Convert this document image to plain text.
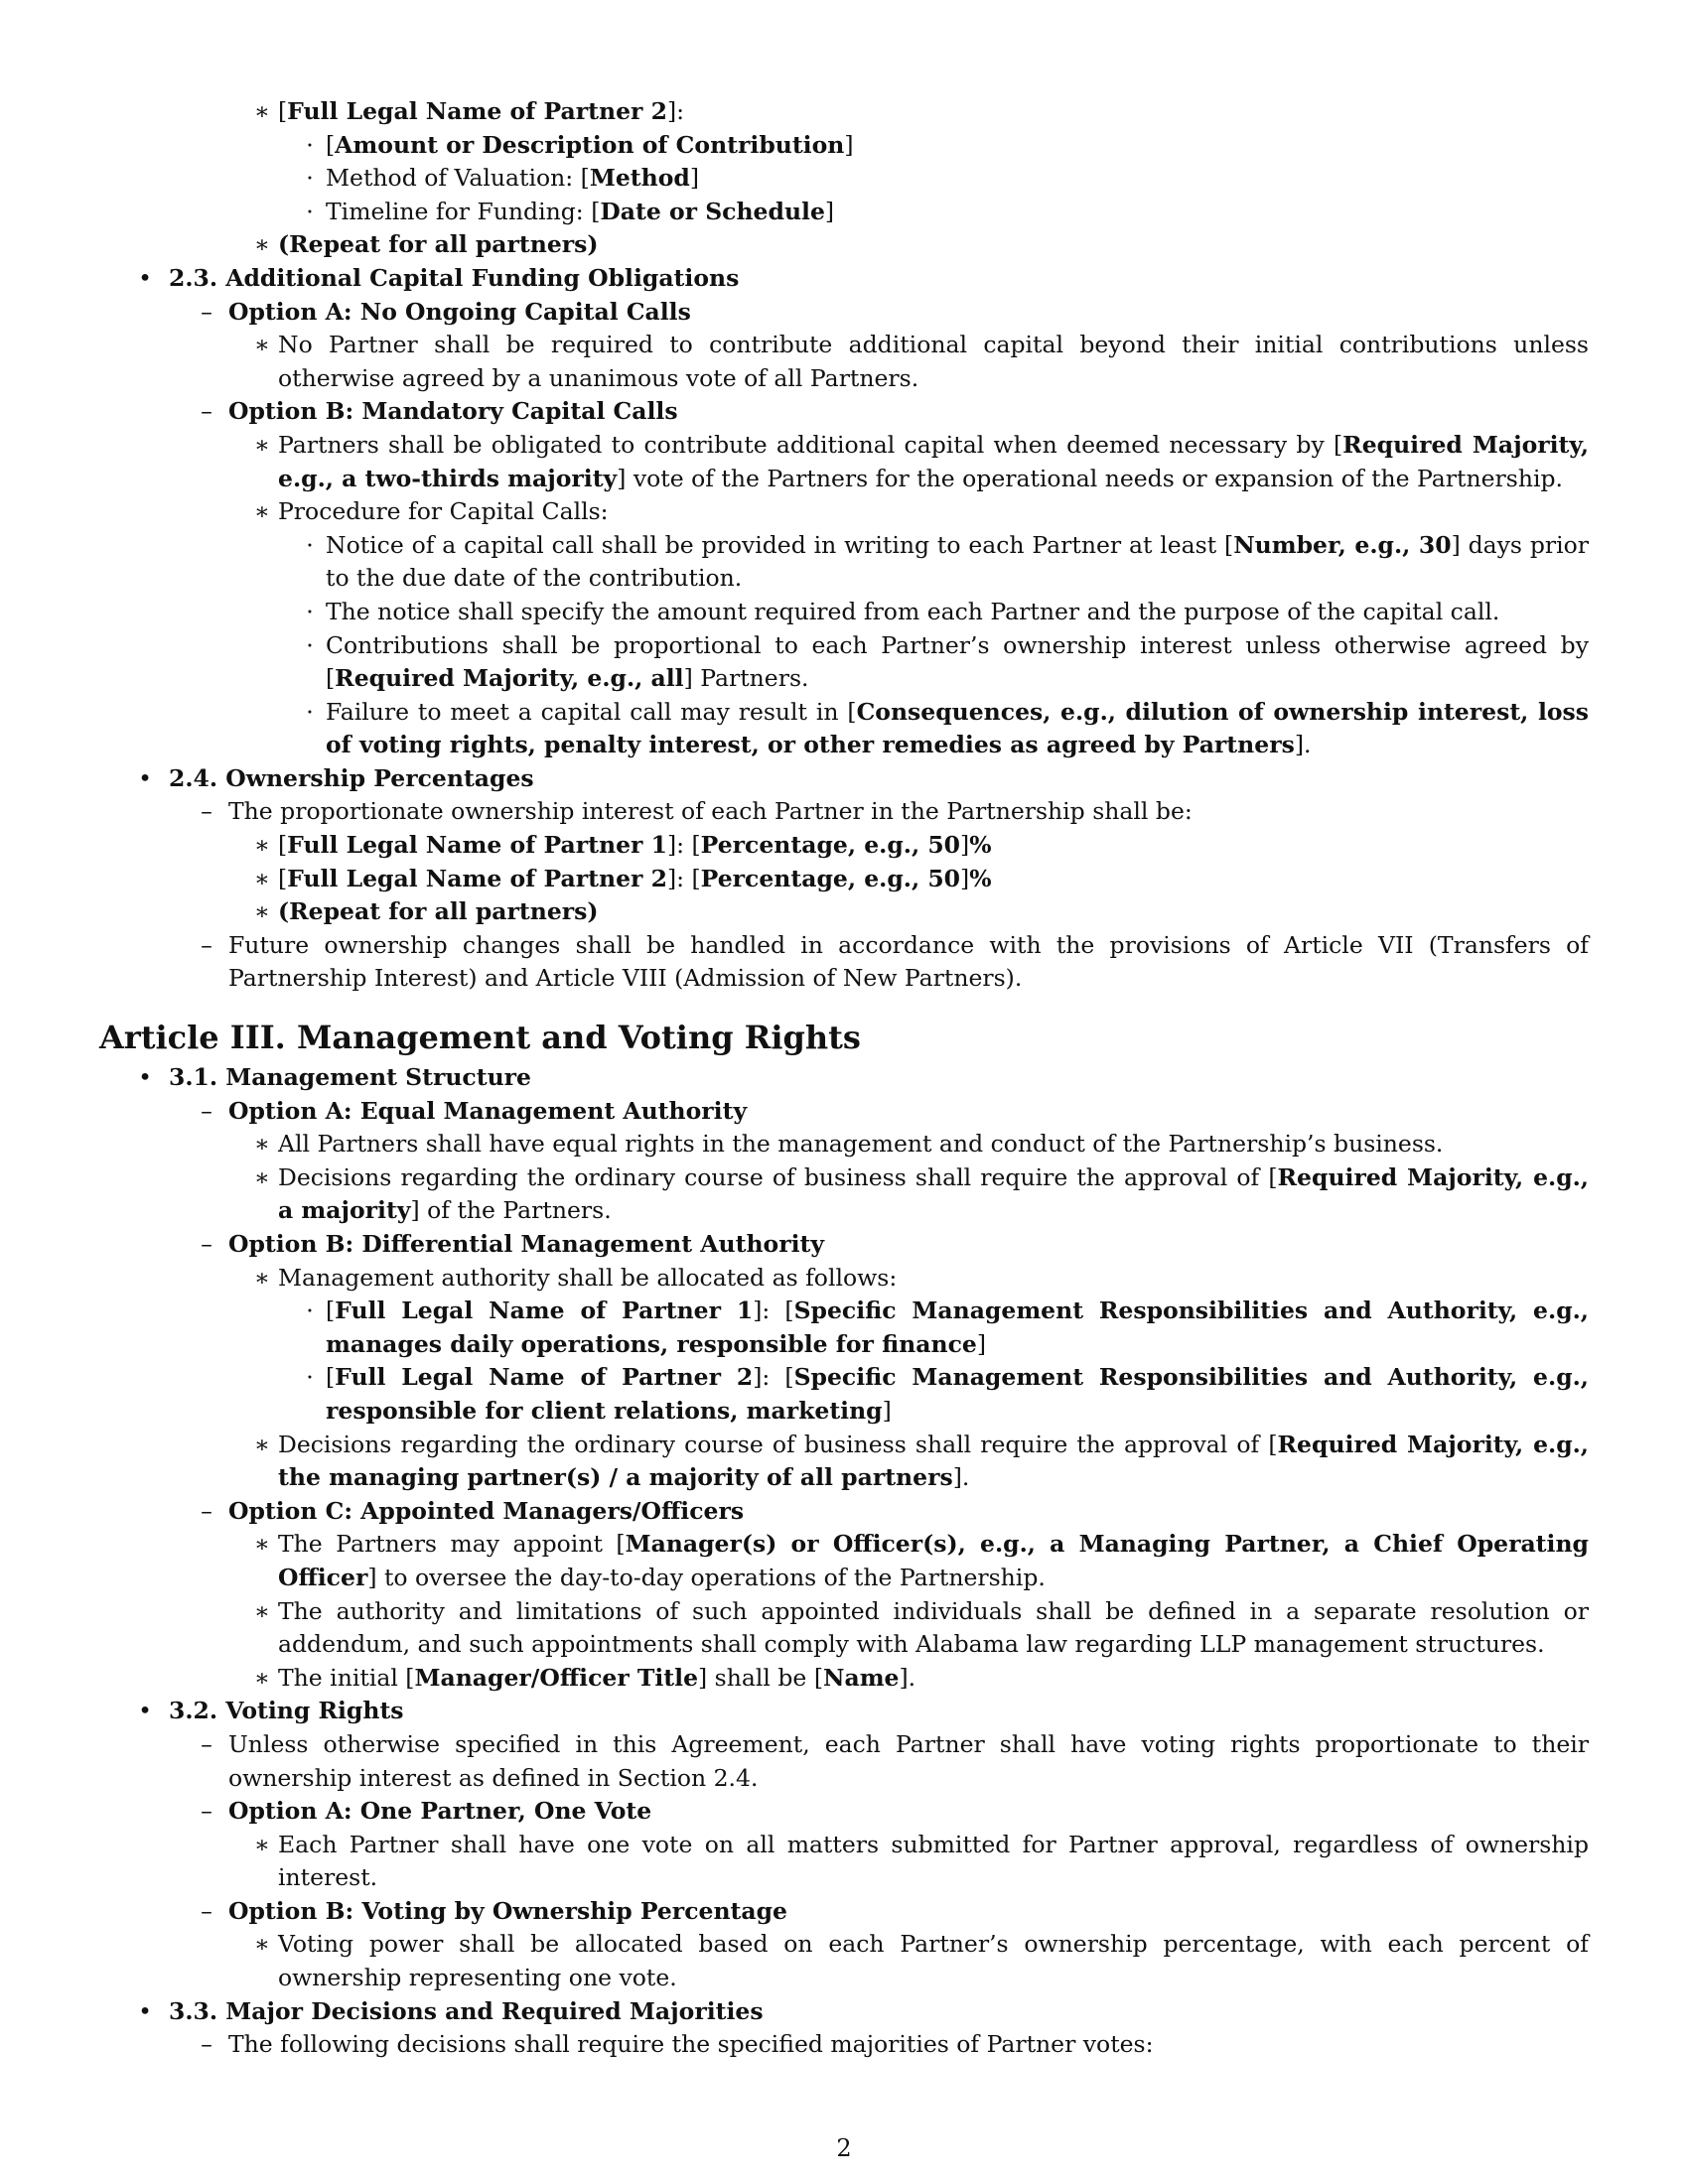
∗ [Full Legal Name of Partner 2]:
· [Amount or Description of Contribution]
· Method of Valuation: [Method]
· Timeline for Funding: [Date or Schedule]
∗ (Repeat for all partners)
• 2.3. Additional Capital Funding Obligations
– Option A: No Ongoing Capital Calls
∗ No Partner shall be required to contribute additional capital beyond their initial contributions unless otherwise agreed by a unanimous vote of all Partners.
– Option B: Mandatory Capital Calls
∗ Partners shall be obligated to contribute additional capital when deemed necessary by [Required Majority, e.g., a two-thirds majority] vote of the Partners for the operational needs or expansion of the Partnership.
∗ Procedure for Capital Calls:
· Notice of a capital call shall be provided in writing to each Partner at least [Number, e.g., 30] days prior to the due date of the contribution.
· The notice shall specify the amount required from each Partner and the purpose of the capital call.
· Contributions shall be proportional to each Partner’s ownership interest unless otherwise agreed by [Required Majority, e.g., all] Partners.
· Failure to meet a capital call may result in [Consequences, e.g., dilution of ownership interest, loss of voting rights, penalty interest, or other remedies as agreed by Partners].
• 2.4. Ownership Percentages
– The proportionate ownership interest of each Partner in the Partnership shall be:
∗ [Full Legal Name of Partner 1]: [Percentage, e.g., 50]%
∗ [Full Legal Name of Partner 2]: [Percentage, e.g., 50]%
∗ (Repeat for all partners)
– Future ownership changes shall be handled in accordance with the provisions of Article VII (Transfers of Partnership Interest) and Article VIII (Admission of New Partners).
Article III. Management and Voting Rights
• 3.1. Management Structure
– Option A: Equal Management Authority
∗ All Partners shall have equal rights in the management and conduct of the Partnership’s business.
∗ Decisions regarding the ordinary course of business shall require the approval of [Required Majority, e.g., a majority] of the Partners.
– Option B: Differential Management Authority
∗ Management authority shall be allocated as follows:
· [Full Legal Name of Partner 1]: [Specific Management Responsibilities and Authority, e.g., manages daily operations, responsible for finance]
· [Full Legal Name of Partner 2]: [Specific Management Responsibilities and Authority, e.g., responsible for client relations, marketing]
∗ Decisions regarding the ordinary course of business shall require the approval of [Required Majority, e.g., the managing partner(s) / a majority of all partners].
– Option C: Appointed Managers/Officers
∗ The Partners may appoint [Manager(s) or Officer(s), e.g., a Managing Partner, a Chief Operating Officer] to oversee the day-to-day operations of the Partnership.
∗ The authority and limitations of such appointed individuals shall be defined in a separate resolution or addendum, and such appointments shall comply with Alabama law regarding LLP management structures.
∗ The initial [Manager/Officer Title] shall be [Name].
• 3.2. Voting Rights
– Unless otherwise specified in this Agreement, each Partner shall have voting rights proportionate to their ownership interest as defined in Section 2.4.
– Option A: One Partner, One Vote
∗ Each Partner shall have one vote on all matters submitted for Partner approval, regardless of ownership interest.
– Option B: Voting by Ownership Percentage
∗ Voting power shall be allocated based on each Partner’s ownership percentage, with each percent of ownership representing one vote.
• 3.3. Major Decisions and Required Majorities
– The following decisions shall require the specified majorities of Partner votes:
2
